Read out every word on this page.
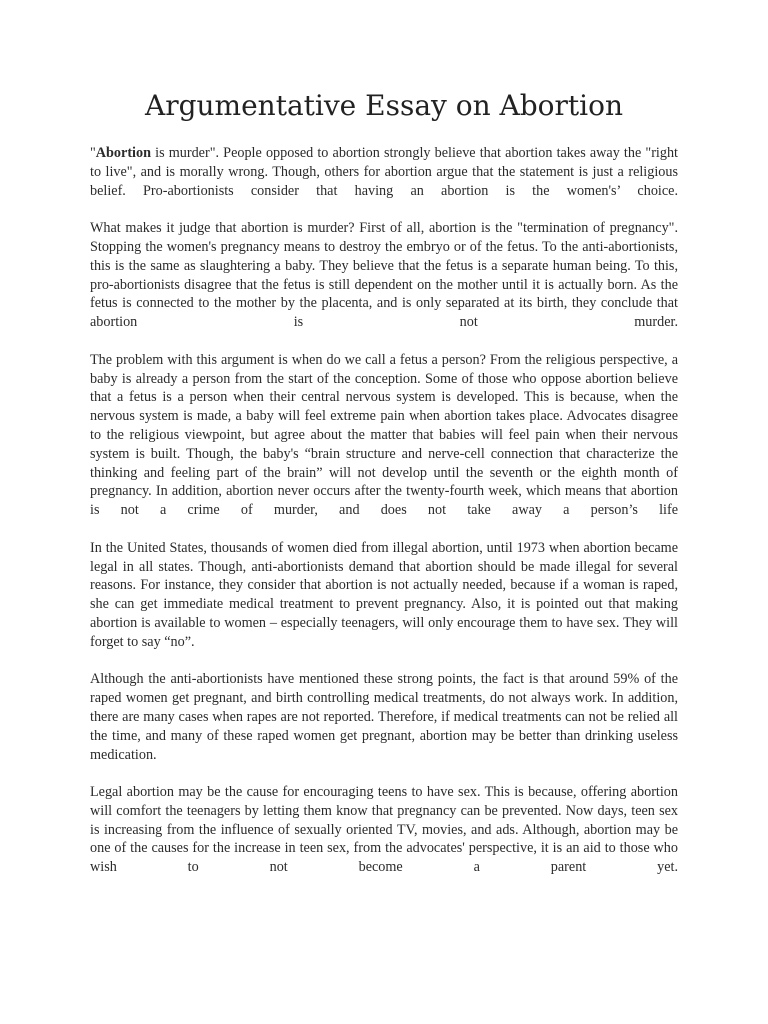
Argumentative Essay on Abortion

"Abortion is murder". People opposed to abortion strongly believe that abortion takes away the "right to live", and is morally wrong. Though, others for abortion argue that the statement is just a religious belief. Pro-abortionists consider that having an abortion is the women's’ choice.

What makes it judge that abortion is murder? First of all, abortion is the "termination of pregnancy". Stopping the women's pregnancy means to destroy the embryo or of the fetus. To the anti-abortionists, this is the same as slaughtering a baby. They believe that the fetus is a separate human being. To this, pro-abortionists disagree that the fetus is still dependent on the mother until it is actually born. As the fetus is connected to the mother by the placenta, and is only separated at its birth, they conclude that abortion is not murder.

The problem with this argument is when do we call a fetus a person? From the religious perspective, a baby is already a person from the start of the conception. Some of those who oppose abortion believe that a fetus is a person when their central nervous system is developed. This is because, when the nervous system is made, a baby will feel extreme pain when abortion takes place. Advocates disagree to the religious viewpoint, but agree about the matter that babies will feel pain when their nervous system is built. Though, the baby's “brain structure and nerve-cell connection that characterize the thinking and feeling part of the brain” will not develop until the seventh or the eighth month of pregnancy. In addition, abortion never occurs after the twenty-fourth week, which means that abortion is not a crime of murder, and does not take away a person’s life

In the United States, thousands of women died from illegal abortion, until 1973 when abortion became legal in all states. Though, anti-abortionists demand that abortion should be made illegal for several reasons. For instance, they consider that abortion is not actually needed, because if a woman is raped, she can get immediate medical treatment to prevent pregnancy. Also, it is pointed out that making abortion is available to women – especially teenagers, will only encourage them to have sex. They will forget to say “no”.

Although the anti-abortionists have mentioned these strong points, the fact is that around 59% of the raped women get pregnant, and birth controlling medical treatments, do not always work. In addition, there are many cases when rapes are not reported. Therefore, if medical treatments can not be relied all the time, and many of these raped women get pregnant, abortion may be better than drinking useless medication.

Legal abortion may be the cause for encouraging teens to have sex. This is because, offering abortion will comfort the teenagers by letting them know that pregnancy can be prevented. Now days, teen sex is increasing from the influence of sexually oriented TV, movies, and ads. Although, abortion may be one of the causes for the increase in teen sex, from the advocates' perspective, it is an aid to those who wish to not become a parent yet.
